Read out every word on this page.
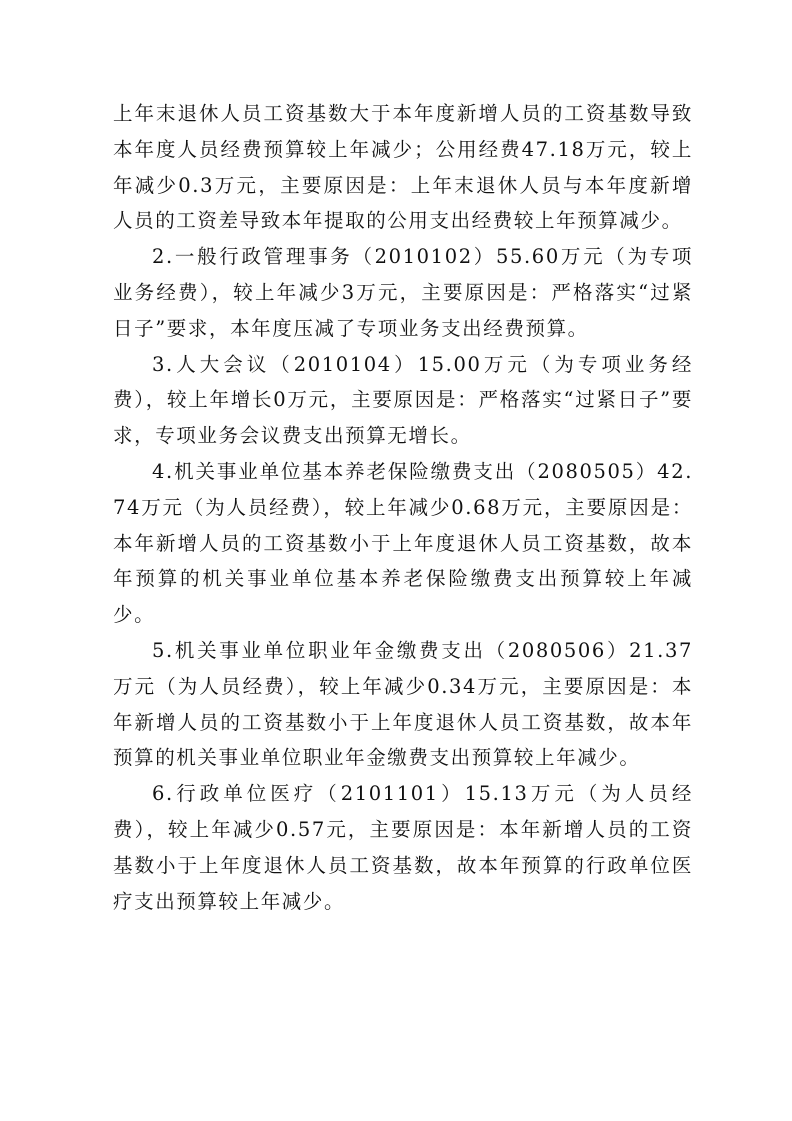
上年末退休人员工资基数大于本年度新增人员的工资基数导致本年度人员经费预算较上年减少；公用经费47.18万元，较上年减少0.3万元，主要原因是：上年末退休人员与本年度新增人员的工资差导致本年提取的公用支出经费较上年预算减少。

2.一般行政管理事务（2010102）55.60万元（为专项业务经费），较上年减少3万元，主要原因是：严格落实“过紧日子”要求，本年度压减了专项业务支出经费预算。

3.人大会议（2010104）15.00万元（为专项业务经费），较上年增长0万元，主要原因是：严格落实“过紧日子”要求，专项业务会议费支出预算无增长。

4.机关事业单位基本养老保险缴费支出（2080505）42.74万元（为人员经费），较上年减少0.68万元，主要原因是：本年新增人员的工资基数小于上年度退休人员工资基数，故本年预算的机关事业单位基本养老保险缴费支出预算较上年减少。

5.机关事业单位职业年金缴费支出（2080506）21.37万元（为人员经费），较上年减少0.34万元，主要原因是：本年新增人员的工资基数小于上年度退休人员工资基数，故本年预算的机关事业单位职业年金缴费支出预算较上年减少。

6.行政单位医疗（2101101）15.13万元（为人员经费），较上年减少0.57元，主要原因是：本年新增人员的工资基数小于上年度退休人员工资基数，故本年预算的行政单位医疗支出预算较上年减少。
